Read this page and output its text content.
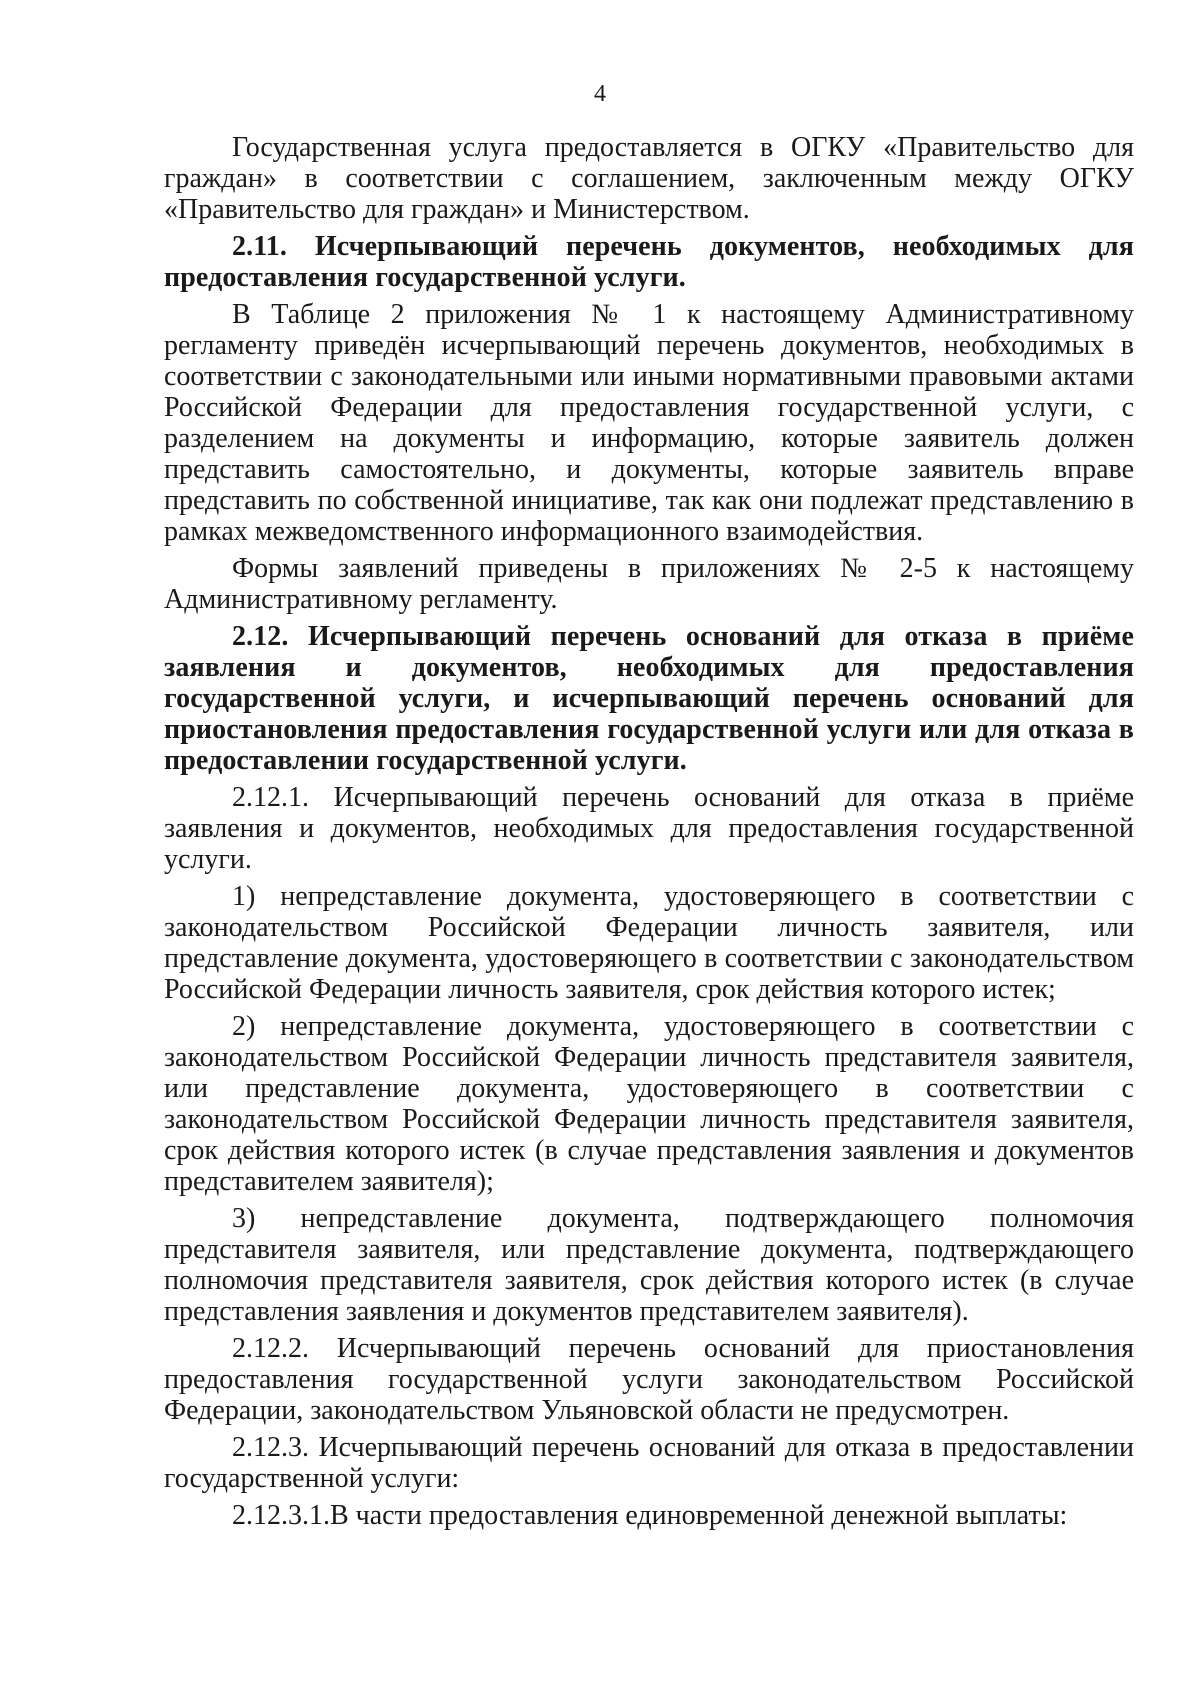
4

Государственная услуга предоставляется в ОГКУ «Правительство для граждан» в соответствии с соглашением, заключенным между ОГКУ «Правительство для граждан» и Министерством.

2.11. Исчерпывающий перечень документов, необходимых для предоставления государственной услуги.

В Таблице 2 приложения № 1 к настоящему Административному регламенту приведён исчерпывающий перечень документов, необходимых в соответствии с законодательными или иными нормативными правовыми актами Российской Федерации для предоставления государственной услуги, с разделением на документы и информацию, которые заявитель должен представить самостоятельно, и документы, которые заявитель вправе представить по собственной инициативе, так как они подлежат представлению в рамках межведомственного информационного взаимодействия.

Формы заявлений приведены в приложениях № 2-5 к настоящему Административному регламенту.

2.12. Исчерпывающий перечень оснований для отказа в приёме заявления и документов, необходимых для предоставления государственной услуги, и исчерпывающий перечень оснований для приостановления предоставления государственной услуги или для отказа в предоставлении государственной услуги.

2.12.1. Исчерпывающий перечень оснований для отказа в приёме заявления и документов, необходимых для предоставления государственной услуги.

1) непредставление документа, удостоверяющего в соответствии с законодательством Российской Федерации личность заявителя, или представление документа, удостоверяющего в соответствии с законодательством Российской Федерации личность заявителя, срок действия которого истек;

2) непредставление документа, удостоверяющего в соответствии с законодательством Российской Федерации личность представителя заявителя, или представление документа, удостоверяющего в соответствии с законодательством Российской Федерации личность представителя заявителя, срок действия которого истек (в случае представления заявления и документов представителем заявителя);

3) непредставление документа, подтверждающего полномочия представителя заявителя, или представление документа, подтверждающего полномочия представителя заявителя, срок действия которого истек (в случае представления заявления и документов представителем заявителя).

2.12.2. Исчерпывающий перечень оснований для приостановления предоставления государственной услуги законодательством Российской Федерации, законодательством Ульяновской области не предусмотрен.

2.12.3. Исчерпывающий перечень оснований для отказа в предоставлении государственной услуги:

2.12.3.1.В части предоставления единовременной денежной выплаты:
